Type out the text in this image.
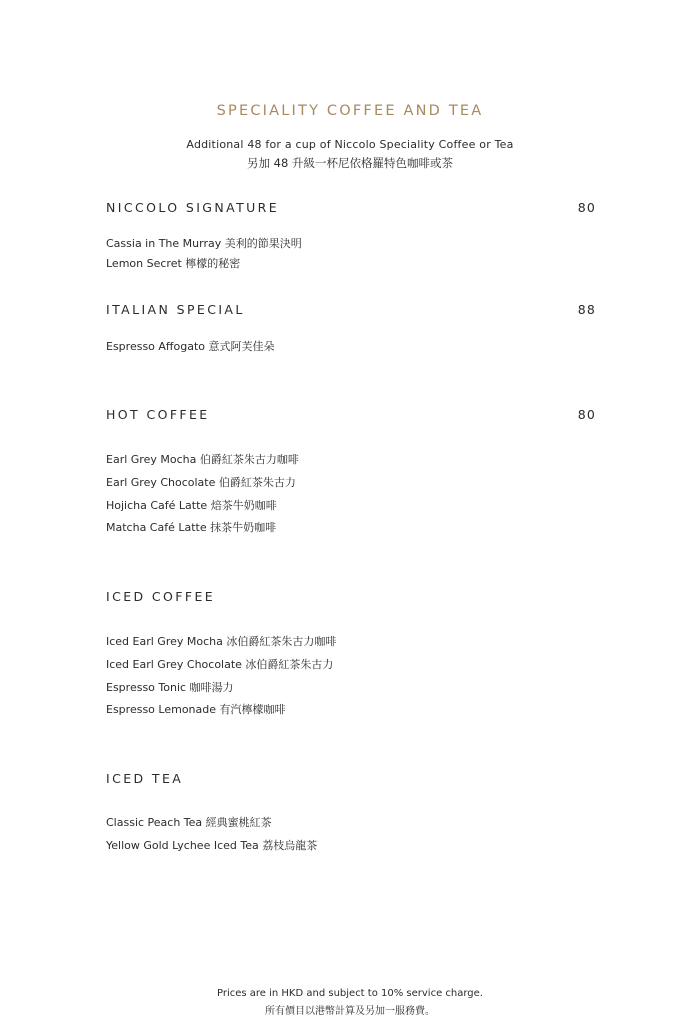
SPECIALITY COFFEE AND TEA
Additional 48 for a cup of Niccolo Speciality Coffee or Tea
另加 48 升級一杯尼依格羅特色咖啡或茶
NICCOLO SIGNATURE	80
Cassia in The Murray 美利的節果決明
Lemon Secret 檸檬的秘密
ITALIAN SPECIAL	88
Espresso Affogato 意式阿芙佳朵
HOT COFFEE	80
Earl Grey Mocha 伯爵紅茶朱古力咖啡
Earl Grey Chocolate 伯爵紅茶朱古力
Hojicha Café Latte 焙茶牛奶咖啡
Matcha Café Latte 抹茶牛奶咖啡
ICED COFFEE
Iced Earl Grey Mocha 冰伯爵紅茶朱古力咖啡
Iced Earl Grey Chocolate 冰伯爵紅茶朱古力
Espresso Tonic 咖啡湯力
Espresso Lemonade 有汽檸檬咖啡
ICED TEA
Classic Peach Tea 經典蜜桃紅茶
Yellow Gold Lychee Iced Tea 荔枝烏龍茶
Prices are in HKD and subject to 10% service charge.
所有價目以港幣計算及另加一服務費。
